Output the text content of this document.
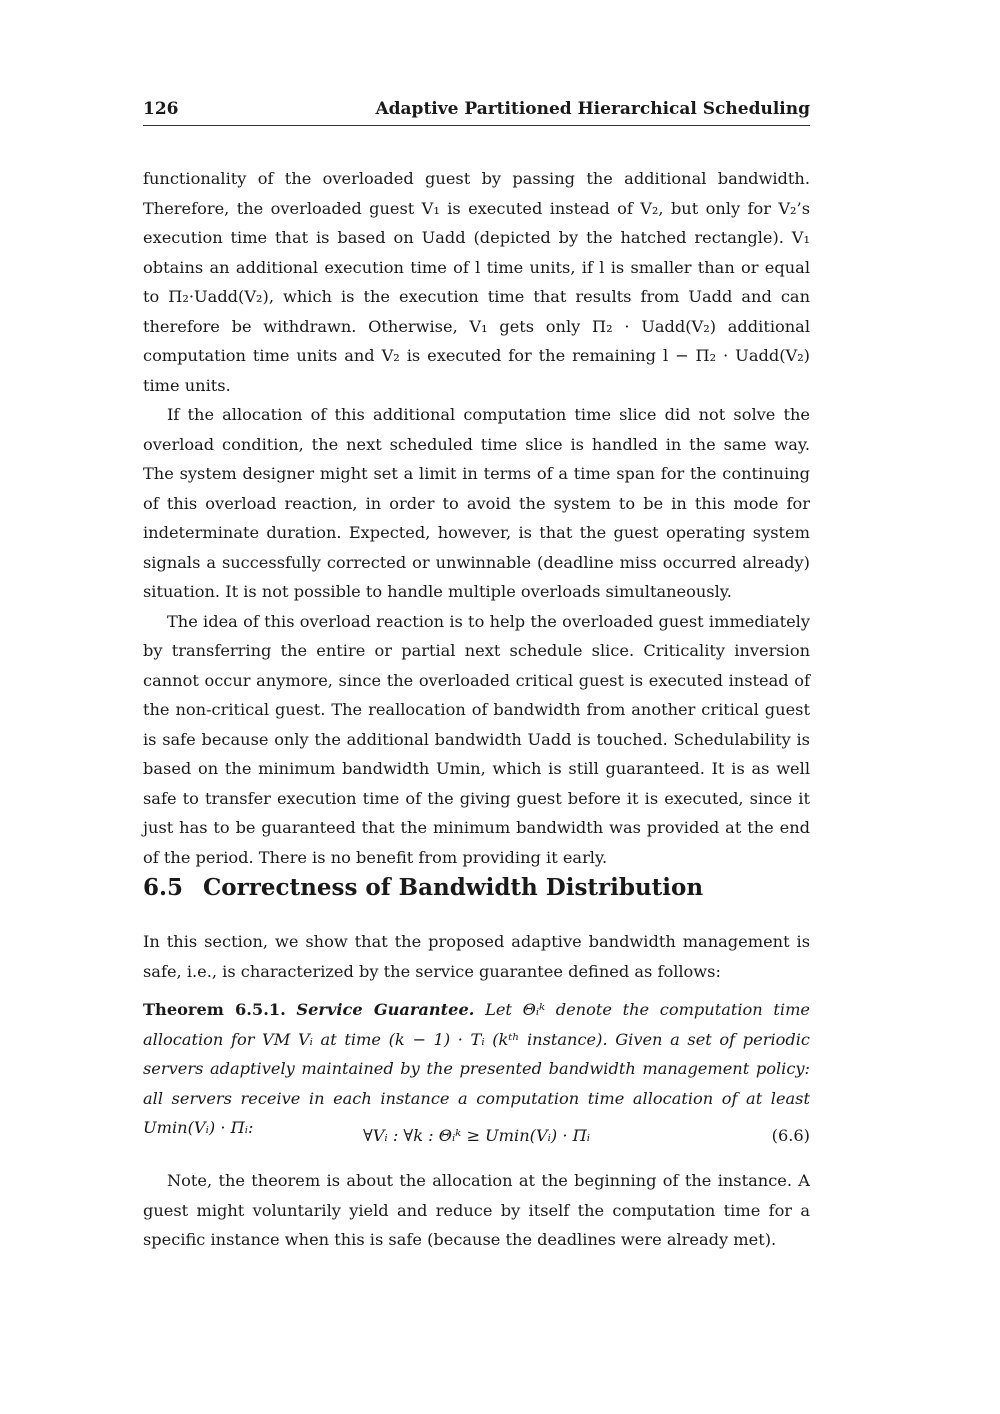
126	Adaptive Partitioned Hierarchical Scheduling

functionality of the overloaded guest by passing the additional bandwidth. Therefore, the overloaded guest V₁ is executed instead of V₂, but only for V₂’s execution time that is based on Uadd (depicted by the hatched rectangle). V₁ obtains an additional execution time of l time units, if l is smaller than or equal to Π₂·Uadd(V₂), which is the execution time that results from Uadd and can therefore be withdrawn. Otherwise, V₁ gets only Π₂ · Uadd(V₂) additional computation time units and V₂ is executed for the remaining l − Π₂ · Uadd(V₂) time units.

If the allocation of this additional computation time slice did not solve the overload condition, the next scheduled time slice is handled in the same way. The system designer might set a limit in terms of a time span for the continuing of this overload reaction, in order to avoid the system to be in this mode for indeterminate duration. Expected, however, is that the guest operating system signals a successfully corrected or unwinnable (deadline miss occurred already) situation. It is not possible to handle multiple overloads simultaneously.

The idea of this overload reaction is to help the overloaded guest immediately by transferring the entire or partial next schedule slice. Criticality inversion cannot occur anymore, since the overloaded critical guest is executed instead of the non-critical guest. The reallocation of bandwidth from another critical guest is safe because only the additional bandwidth Uadd is touched. Schedulability is based on the minimum bandwidth Umin, which is still guaranteed. It is as well safe to transfer execution time of the giving guest before it is executed, since it just has to be guaranteed that the minimum bandwidth was provided at the end of the period. There is no benefit from providing it early.

6.5 Correctness of Bandwidth Distribution

In this section, we show that the proposed adaptive bandwidth management is safe, i.e., is characterized by the service guarantee defined as follows:

Theorem 6.5.1. Service Guarantee. Let Θᵢᵏ denote the computation time allocation for VM Vᵢ at time (k − 1) · Tᵢ (kᵗʰ instance). Given a set of periodic servers adaptively maintained by the presented bandwidth management policy: all servers receive in each instance a computation time allocation of at least Umin(Vᵢ) · Πᵢ:	∀Vᵢ : ∀k : Θᵢᵏ ≥ Umin(Vᵢ) · Πᵢ	(6.6)

Note, the theorem is about the allocation at the beginning of the instance. A guest might voluntarily yield and reduce by itself the computation time for a specific instance when this is safe (because the deadlines were already met).
